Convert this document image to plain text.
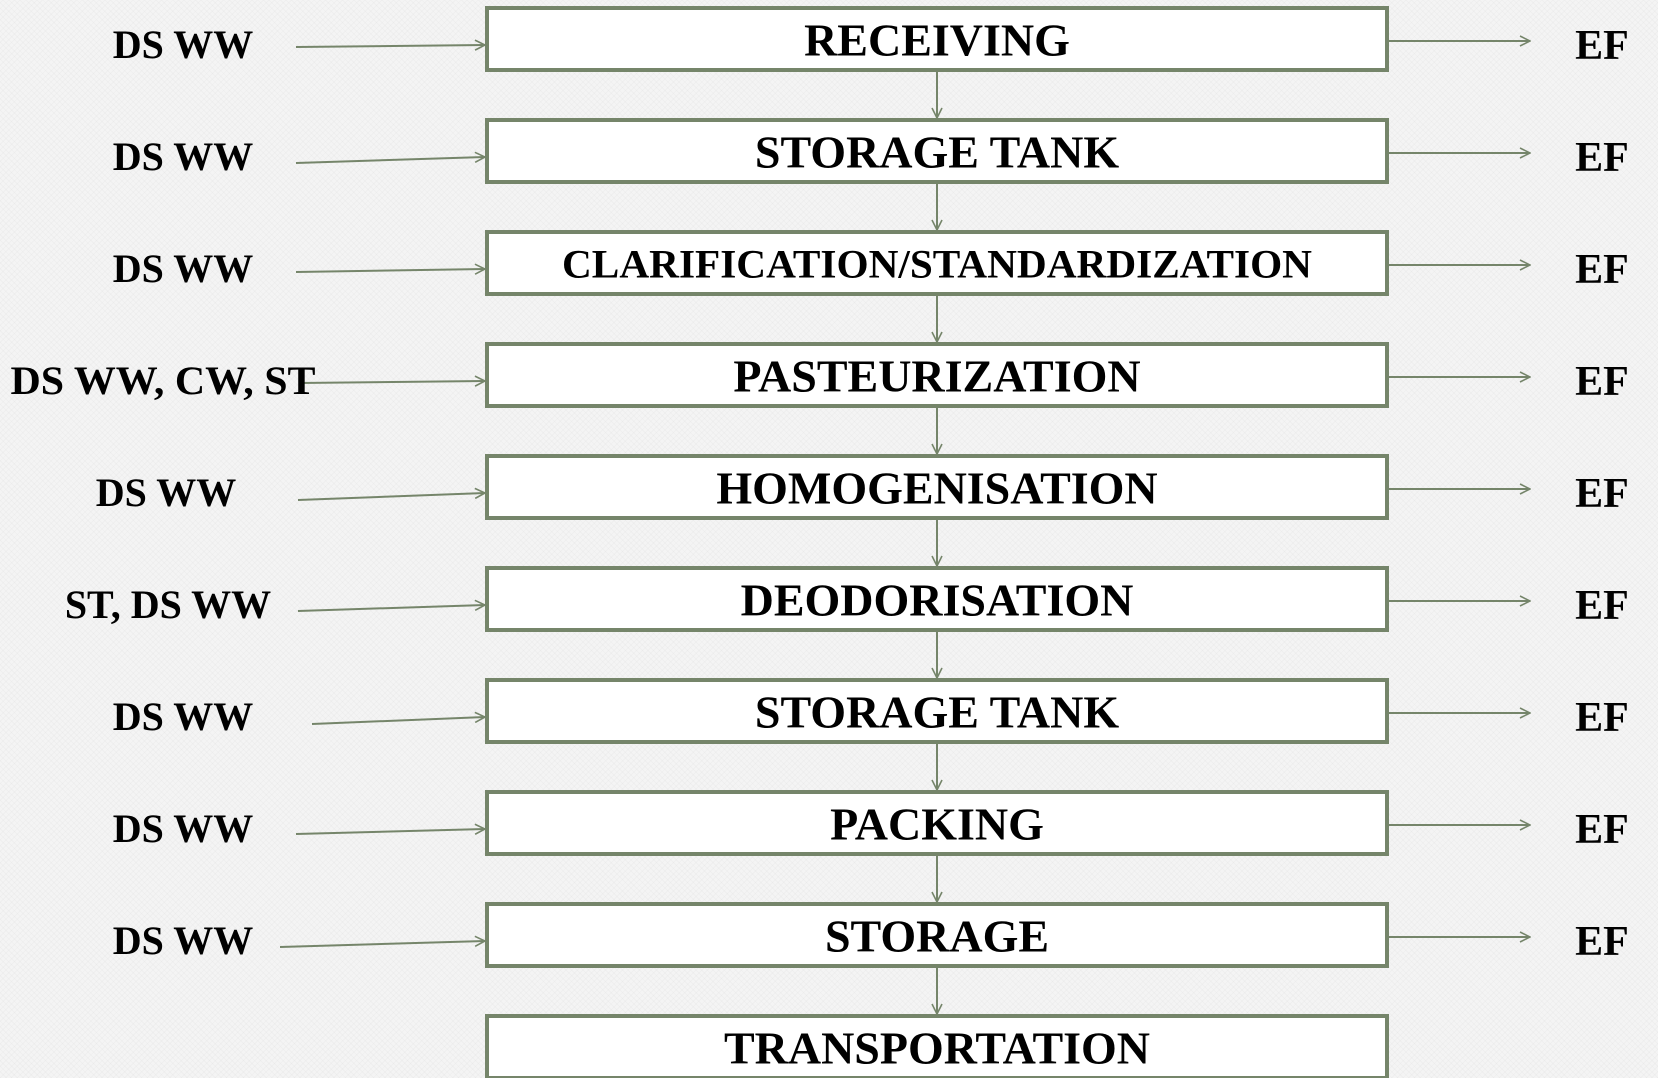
RECEIVING
STORAGE TANK
CLARIFICATION/STANDARDIZATION
PASTEURIZATION
HOMOGENISATION
DEODORISATION
STORAGE TANK
PACKING
STORAGE
TRANSPORTATION
DS WW	EF
DS WW	EF
DS WW	EF
DS WW, CW, ST	EF
DS WW	EF
ST, DS WW	EF
DS WW	EF
DS WW	EF
DS WW	EF
